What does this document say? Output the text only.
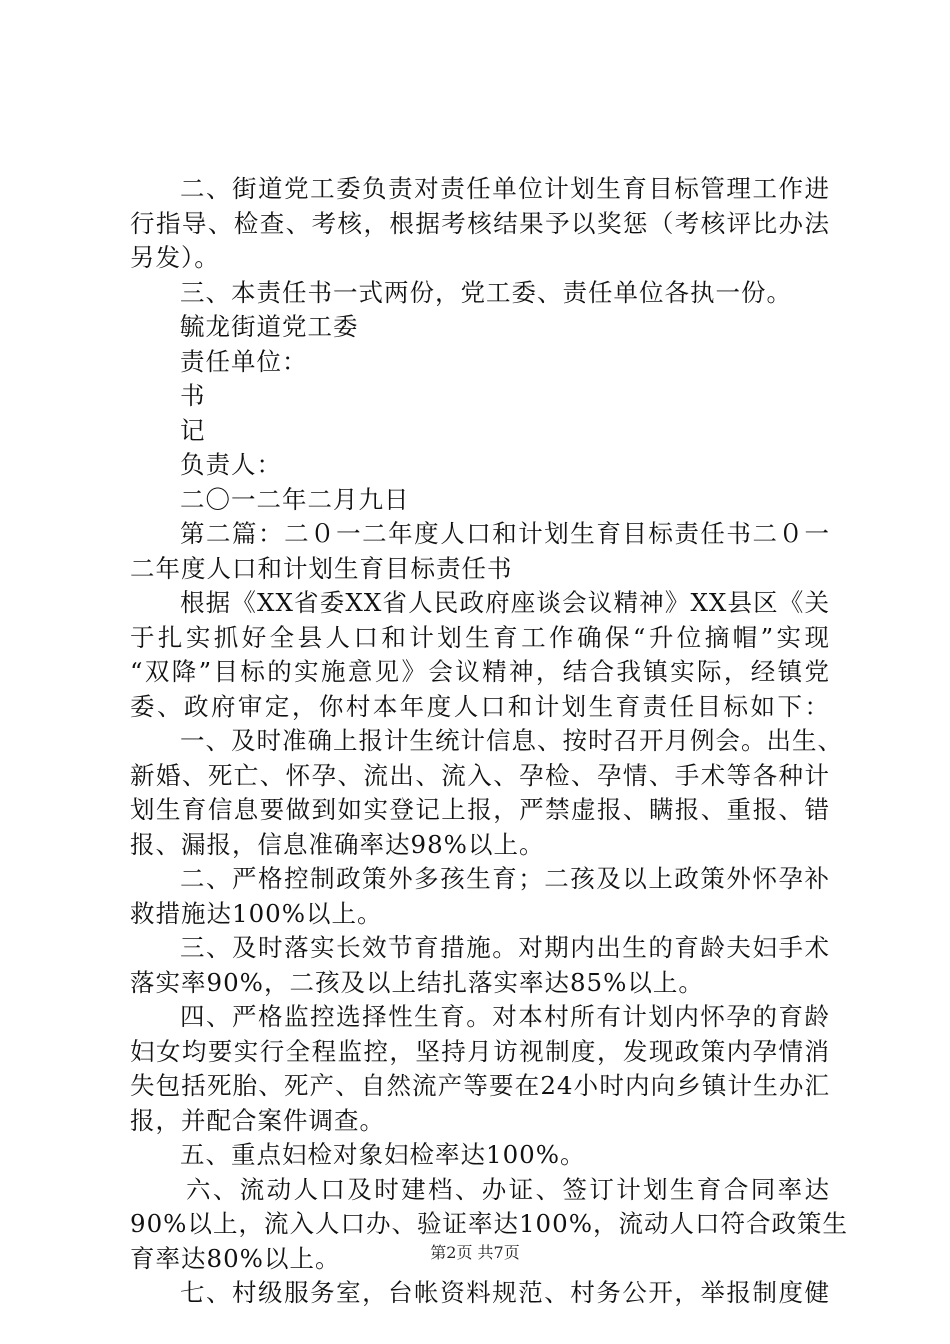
二、街道党工委负责对责任单位计划生育目标管理工作进
行指导、检查、考核，根据考核结果予以奖惩（考核评比办法
另发）。
三、本责任书一式两份，党工委、责任单位各执一份。
毓龙街道党工委
责任单位：
书
记
负责人：
二〇一二年二月九日
第二篇：二０一二年度人口和计划生育目标责任书二０一
二年度人口和计划生育目标责任书
根据《XX省委XX省人民政府座谈会议精神》XX县区《关
于扎实抓好全县人口和计划生育工作确保“升位摘帽”实现
“双降”目标的实施意见》会议精神，结合我镇实际，经镇党
委、政府审定，你村本年度人口和计划生育责任目标如下：
一、及时准确上报计生统计信息、按时召开月例会。出生、
新婚、死亡、怀孕、流出、流入、孕检、孕情、手术等各种计
划生育信息要做到如实登记上报，严禁虚报、瞒报、重报、错
报、漏报，信息准确率达98%以上。
二、严格控制政策外多孩生育；二孩及以上政策外怀孕补
救措施达100%以上。
三、及时落实长效节育措施。对期内出生的育龄夫妇手术
落实率90%，二孩及以上结扎落实率达85%以上。
四、严格监控选择性生育。对本村所有计划内怀孕的育龄
妇女均要实行全程监控，坚持月访视制度，发现政策内孕情消
失包括死胎、死产、自然流产等要在24小时内向乡镇计生办汇
报，并配合案件调查。
五、重点妇检对象妇检率达100%。
六、流动人口及时建档、办证、签订计划生育合同率达
90%以上，流入人口办、验证率达100%，流动人口符合政策生
育率达80%以上。
七、村级服务室，台帐资料规范、村务公开，举报制度健
第2页 共7页
